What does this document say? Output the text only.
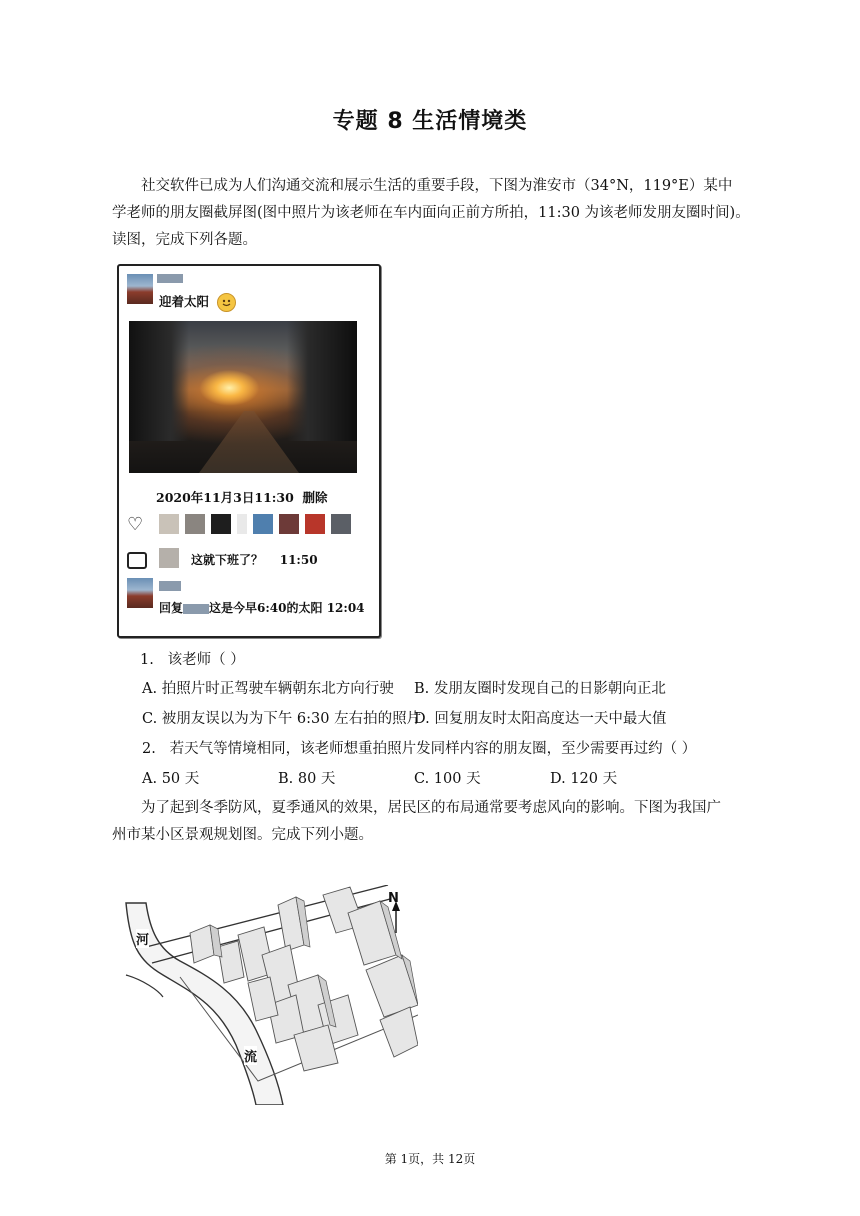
专题 8 生活情境类

社交软件已成为人们沟通交流和展示生活的重要手段，下图为淮安市（34°N，119°E）某中

学老师的朋友圈截屏图(图中照片为该老师在车内面向正前方所拍，11:30 为该老师发朋友圈时间)。
读图，完成下列各题。
迎着太阳
2020年11月3日11:30 删除
♡
这就下班了？ 11:50
回复 这是今早6:40的太阳 12:04
1. 该老师（ ）
A. 拍照片时正驾驶车辆朝东北方向行驶 B. 发朋友圈时发现自己的日影朝向正北
C. 被朋友误以为为下午 6:30 左右拍的照片
D. 回复朋友时太阳高度达一天中最大值
2. 若天气等情境相同，该老师想重拍照片发同样内容的朋友圈，至少需要再过约（ ）
A. 50 天	B. 80 天	C. 100 天	D. 120 天

为了起到冬季防风，夏季通风的效果，居民区的布局通常要考虑风向的影响。下图为我国广

州市某小区景观规划图。完成下列小题。
N
河
流
第 1页，共 12页
